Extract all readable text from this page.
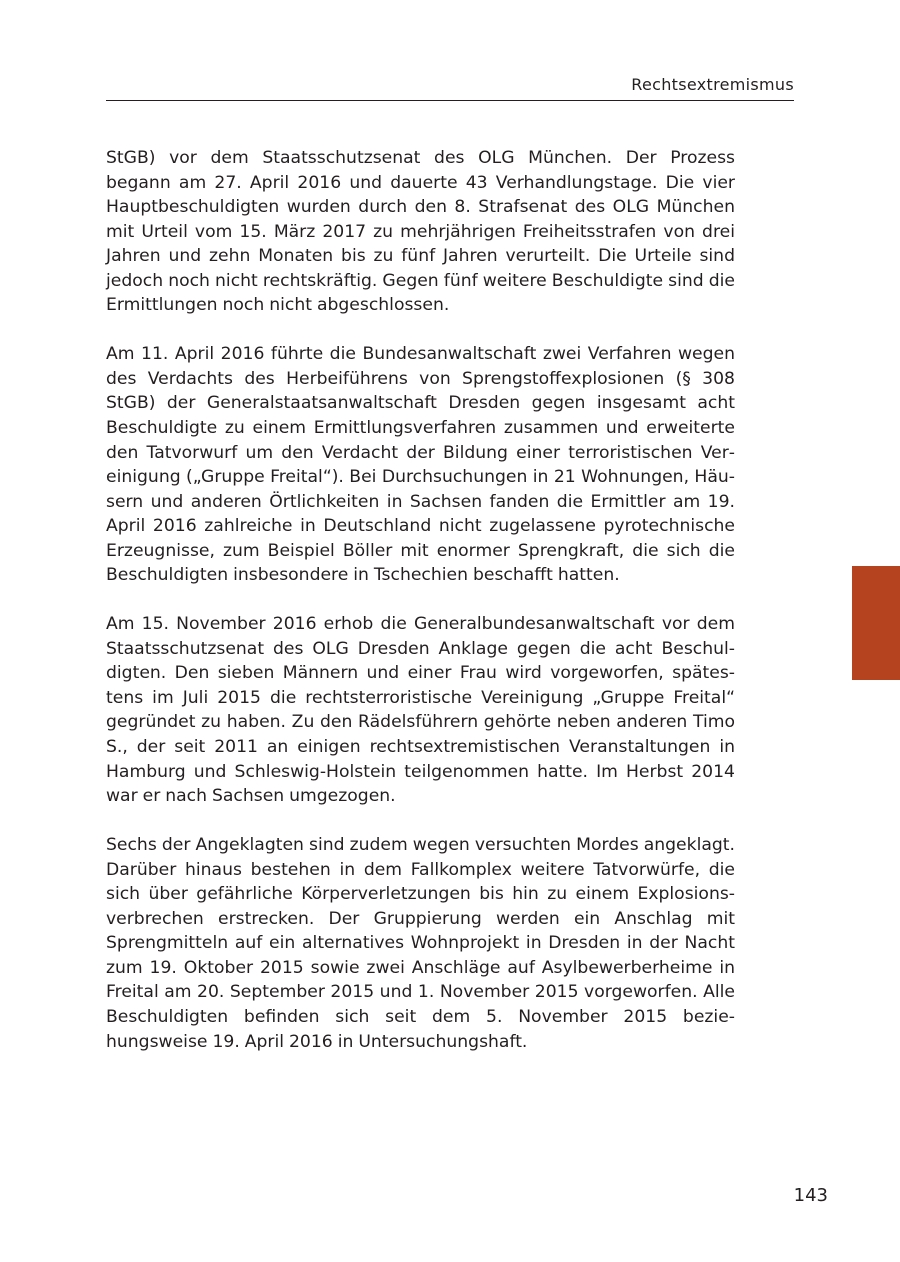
Rechtsextremismus

StGB) vor dem Staatsschutzsenat des OLG München. Der Prozess begann am 27. April 2016 und dauerte 43 Verhandlungstage. Die vier Hauptbeschuldigten wurden durch den 8. Strafsenat des OLG München mit Urteil vom 15. März 2017 zu mehrjährigen Freiheitsstrafen von drei Jahren und zehn Monaten bis zu fünf Jahren verurteilt. Die Urteile sind jedoch noch nicht rechtskräftig. Gegen fünf weitere Beschuldigte sind die Ermittlungen noch nicht abgeschlossen.

Am 11. April 2016 führte die Bundesanwaltschaft zwei Verfahren wegen des Verdachts des Herbeiführens von Sprengstoffexplosionen (§ 308 StGB) der Generalstaatsanwaltschaft Dresden gegen insgesamt acht Beschuldigte zu einem Ermittlungsverfahren zusammen und erweiterte den Tatvorwurf um den Verdacht der Bildung einer terroristischen Vereinigung („Gruppe Freital“). Bei Durchsuchungen in 21 Wohnungen, Häusern und anderen Örtlichkeiten in Sachsen fanden die Ermittler am 19. April 2016 zahlreiche in Deutschland nicht zugelassene pyrotechnische Erzeugnisse, zum Beispiel Böller mit enormer Sprengkraft, die sich die Beschuldigten insbesondere in Tschechien beschafft hatten.

Am 15. November 2016 erhob die Generalbundesanwaltschaft vor dem Staatsschutzsenat des OLG Dresden Anklage gegen die acht Beschuldigten. Den sieben Männern und einer Frau wird vorgeworfen, spätestens im Juli 2015 die rechtsterroristische Vereinigung „Gruppe Freital“ gegründet zu haben. Zu den Rädelsführern gehörte neben anderen Timo S., der seit 2011 an einigen rechtsextremistischen Veranstaltungen in Hamburg und Schleswig-Holstein teilgenommen hatte. Im Herbst 2014 war er nach Sachsen umgezogen.

Sechs der Angeklagten sind zudem wegen versuchten Mordes angeklagt. Darüber hinaus bestehen in dem Fallkomplex weitere Tatvorwürfe, die sich über gefährliche Körperverletzungen bis hin zu einem Explosionsverbrechen erstrecken. Der Gruppierung werden ein Anschlag mit Sprengmitteln auf ein alternatives Wohnprojekt in Dresden in der Nacht zum 19. Oktober 2015 sowie zwei Anschläge auf Asylbewerberheime in Freital am 20. September 2015 und 1. November 2015 vorgeworfen. Alle Beschuldigten befinden sich seit dem 5. November 2015 beziehungsweise 19. April 2016 in Untersuchungshaft.

143
